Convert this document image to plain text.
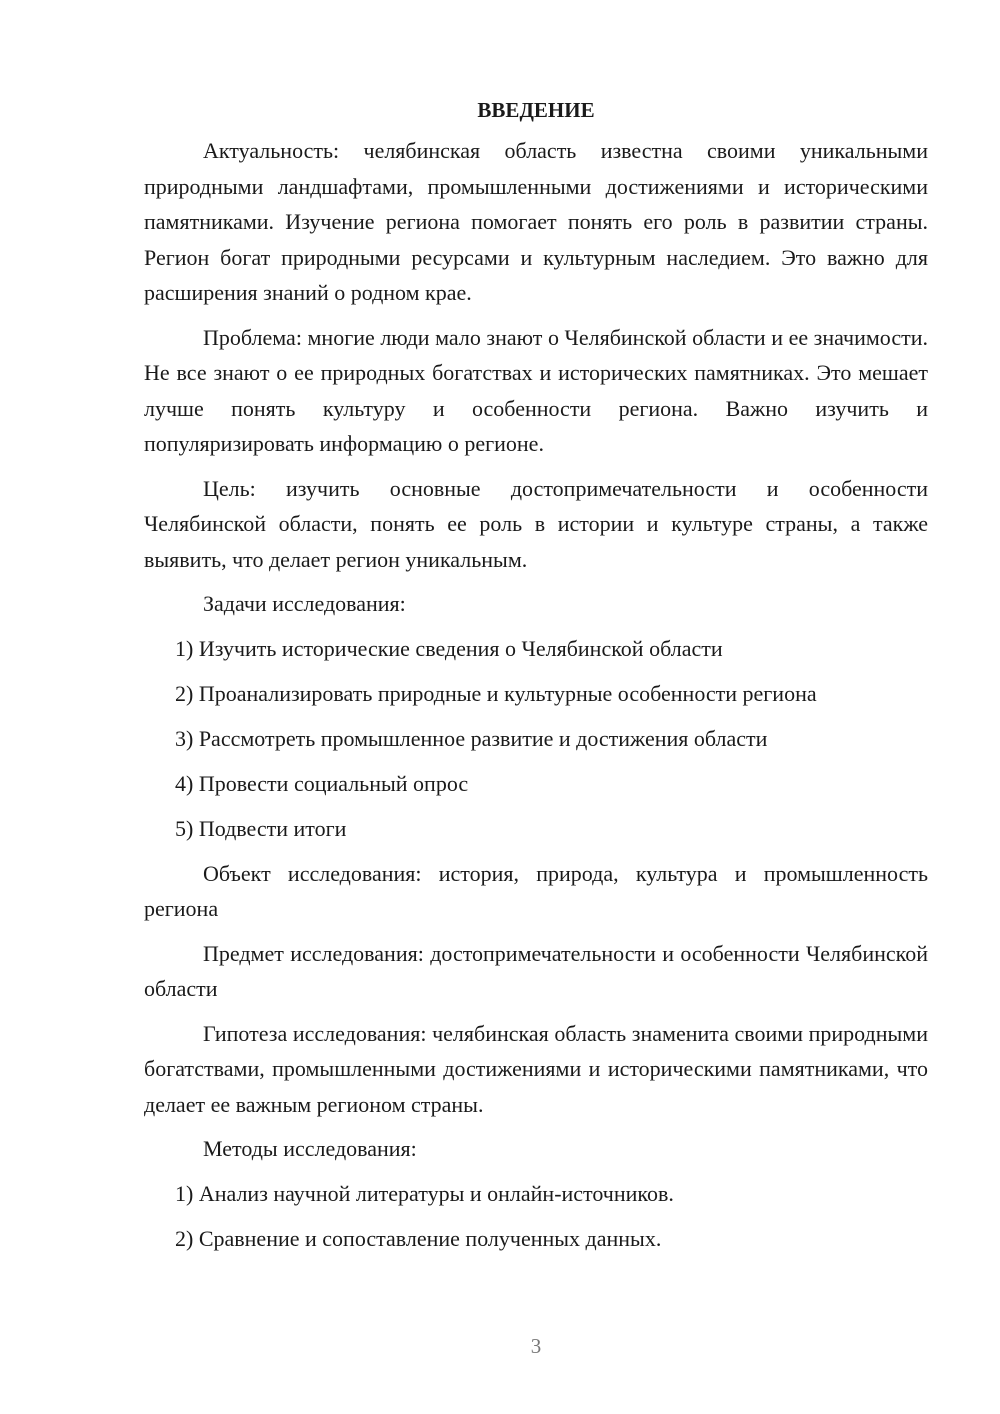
ВВЕДЕНИЕ

Актуальность: челябинская область известна своими уникальными природными ландшафтами, промышленными достижениями и историческими памятниками. Изучение региона помогает понять его роль в развитии страны. Регион богат природными ресурсами и культурным наследием. Это важно для расширения знаний о родном крае.

Проблема: многие люди мало знают о Челябинской области и ее значимости. Не все знают о ее природных богатствах и исторических памятниках. Это мешает лучше понять культуру и особенности региона. Важно изучить и популяризировать информацию о регионе.

Цель: изучить основные достопримечательности и особенности Челябинской области, понять ее роль в истории и культуре страны, а также выявить, что делает регион уникальным.

Задачи исследования:

1) Изучить исторические сведения о Челябинской области
2) Проанализировать природные и культурные особенности региона
3) Рассмотреть промышленное развитие и достижения области
4) Провести социальный опрос
5) Подвести итоги

Объект исследования: история, природа, культура и промышленность региона

Предмет исследования: достопримечательности и особенности Челябинской области

Гипотеза исследования: челябинская область знаменита своими природными богатствами, промышленными достижениями и историческими памятниками, что делает ее важным регионом страны.

Методы исследования:

1) Анализ научной литературы и онлайн-источников.
2) Сравнение и сопоставление полученных данных.
3
